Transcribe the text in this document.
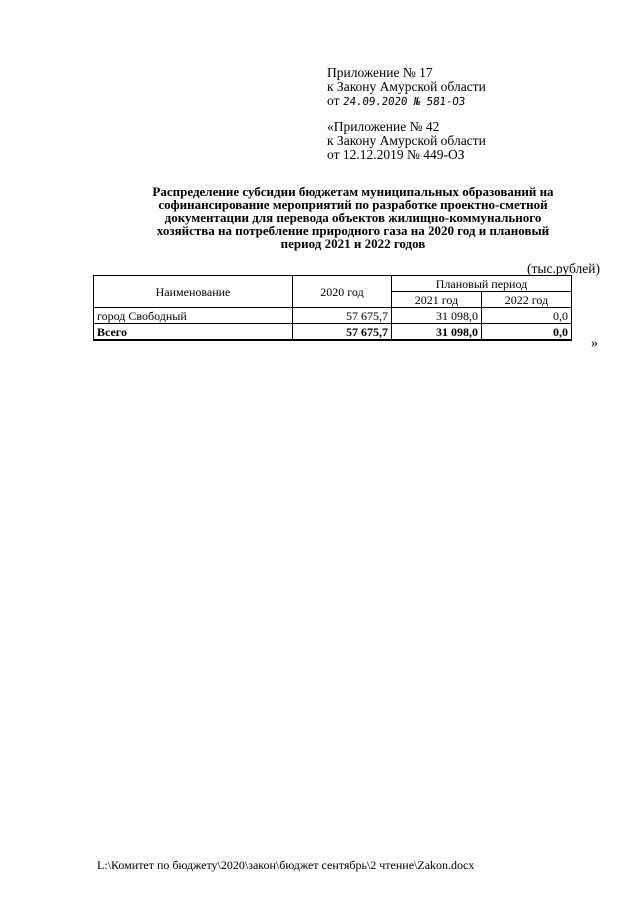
Приложение № 17
к Закону Амурской области
от 24.09.2020 № 581-ОЗ
«Приложение № 42
к Закону Амурской области
от 12.12.2019 № 449-ОЗ
Распределение субсидии бюджетам муниципальных образований на
софинансирование мероприятий по разработке проектно-сметной
документации для перевода объектов жилищно-коммунального
хозяйства на потребление природного газа на 2020 год и плановый
период 2021 и 2022 годов
(тыс.рублей)
Наименование	2020 год	Плановый период	
		2021 год	2022 год
город Свободный	57 675,7	31 098,0	0,0
Всего	57 675,7	31 098,0	0,0
»
L:\Комитет по бюджету\2020\закон\бюджет сентябрь\2 чтение\Zakon.docx
